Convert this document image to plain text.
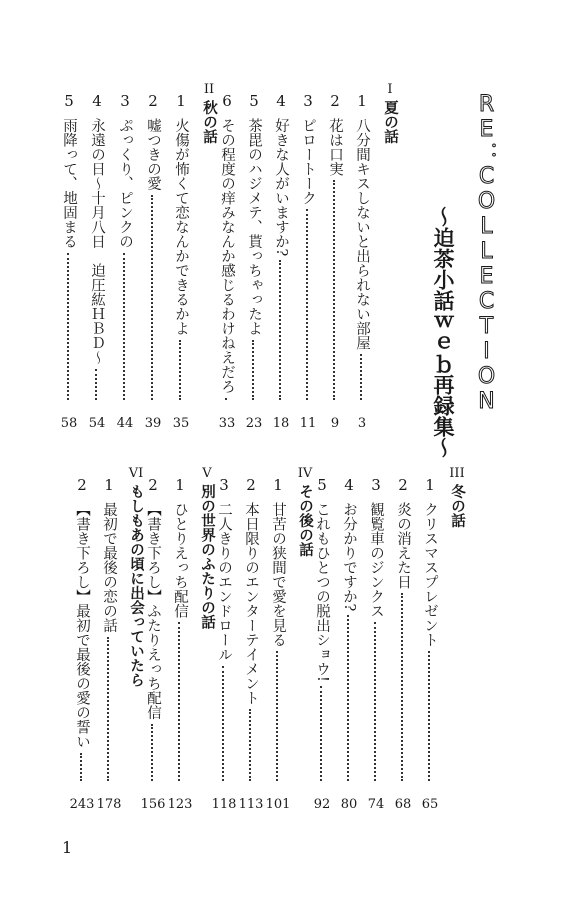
RE：COLLECTION
〜迫茶小話ｗｅｂ再録集〜
I
夏の話
1
八分間キスしないと出られない部屋
3
2
花は口実
9
3
ピロートーク
11
4
好きな人がいますか?
18
5
茶毘のハジメテ、貰っちゃったよ
23
6
その程度の痒みなんか感じるわけねえだろ
33
II
秋の話
1
火傷が怖くて恋なんかできるかよ
35
2
嘘つきの愛
39
3
ぷっくり、ピンクの
44
4
永遠の日〜十月八日　迫圧紘ＨＢＤ〜
54
5
雨降って、地固まる
58
III
冬の話
1
クリスマスプレゼント
65
2
炎の消えた日
68
3
観覧車のジンクス
74
4
お分かりですか?
80
5
これもひとつの脱出ショウ!
92
IV
その後の話
1
甘苦の狭間で愛を見る
101
2
本日限りのエンターテイメント
113
3
二人きりのエンドロール
118
V
別の世界のふたりの話
1
ひとりえっち配信
123
2
【書き下ろし】ふたりえっち配信
156
VI
もしもあの頃に出会っていたら
1
最初で最後の恋の話
178
2
【書き下ろし】最初で最後の愛の誓い
243
1
